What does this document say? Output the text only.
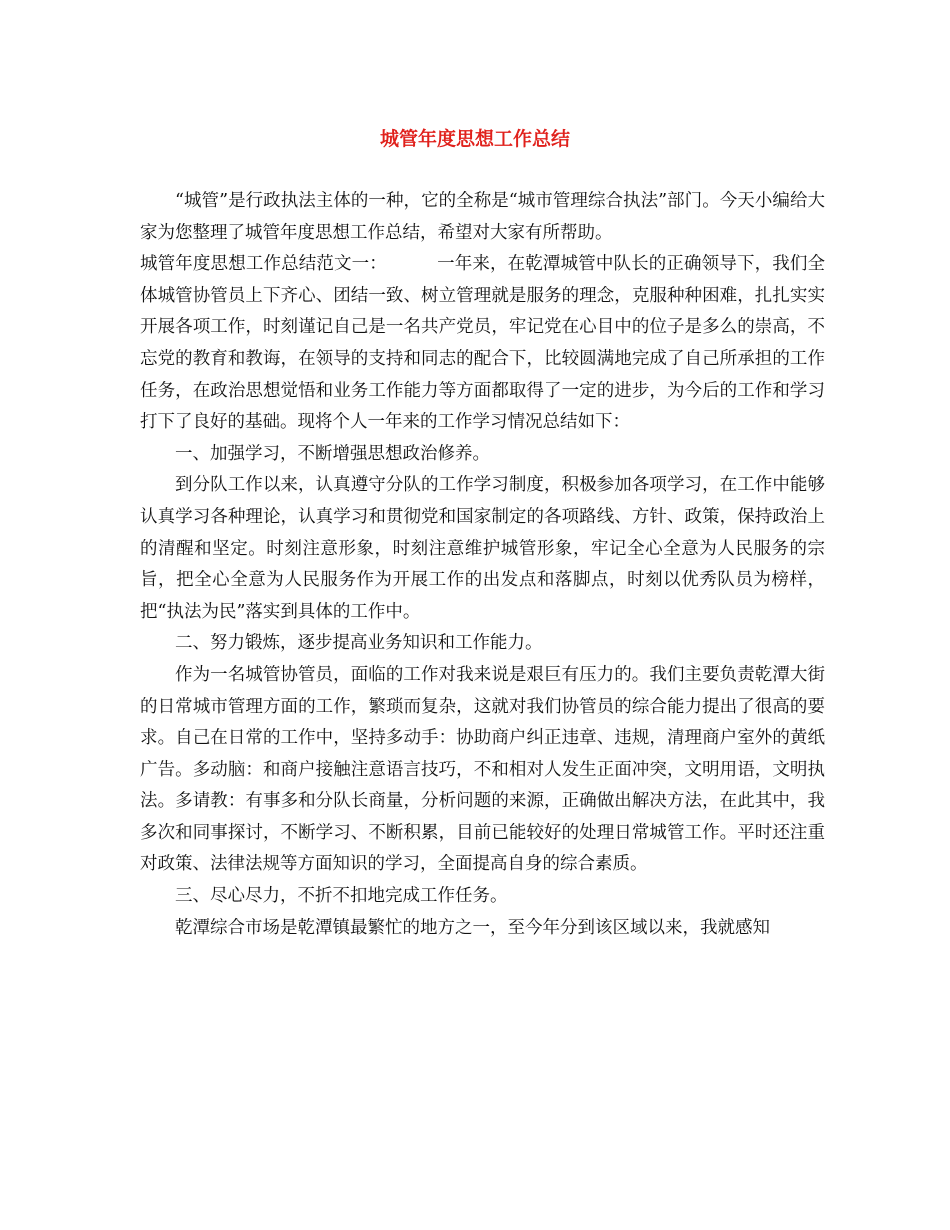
城管年度思想工作总结

“城管”是行政执法主体的一种，它的全称是“城市管理综合执法”部门。今天小编给大家为您整理了城管年度思想工作总结，希望对大家有所帮助。

城管年度思想工作总结范文一：	一年来，在乾潭城管中队长的正确领导下，我们全体城管协管员上下齐心、团结一致、树立管理就是服务的理念，克服种种困难，扎扎实实开展各项工作，时刻谨记自己是一名共产党员，牢记党在心目中的位子是多么的崇高，不忘党的教育和教诲，在领导的支持和同志的配合下，比较圆满地完成了自己所承担的工作任务，在政治思想觉悟和业务工作能力等方面都取得了一定的进步，为今后的工作和学习打下了良好的基础。现将个人一年来的工作学习情况总结如下：

一、加强学习，不断增强思想政治修养。

到分队工作以来，认真遵守分队的工作学习制度，积极参加各项学习，在工作中能够认真学习各种理论，认真学习和贯彻党和国家制定的各项路线、方针、政策，保持政治上的清醒和坚定。时刻注意形象，时刻注意维护城管形象，牢记全心全意为人民服务的宗旨，把全心全意为人民服务作为开展工作的出发点和落脚点，时刻以优秀队员为榜样，把“执法为民”落实到具体的工作中。

二、努力锻炼，逐步提高业务知识和工作能力。

作为一名城管协管员，面临的工作对我来说是艰巨有压力的。我们主要负责乾潭大街的日常城市管理方面的工作，繁琐而复杂，这就对我们协管员的综合能力提出了很高的要求。自己在日常的工作中，坚持多动手：协助商户纠正违章、违规，清理商户室外的黄纸广告。多动脑：和商户接触注意语言技巧，不和相对人发生正面冲突，文明用语，文明执法。多请教：有事多和分队长商量，分析问题的来源，正确做出解决方法，在此其中，我多次和同事探讨，不断学习、不断积累，目前已能较好的处理日常城管工作。平时还注重对政策、法律法规等方面知识的学习，全面提高自身的综合素质。

三、尽心尽力，不折不扣地完成工作任务。

乾潭综合市场是乾潭镇最繁忙的地方之一，至今年分到该区域以来，我就感知
